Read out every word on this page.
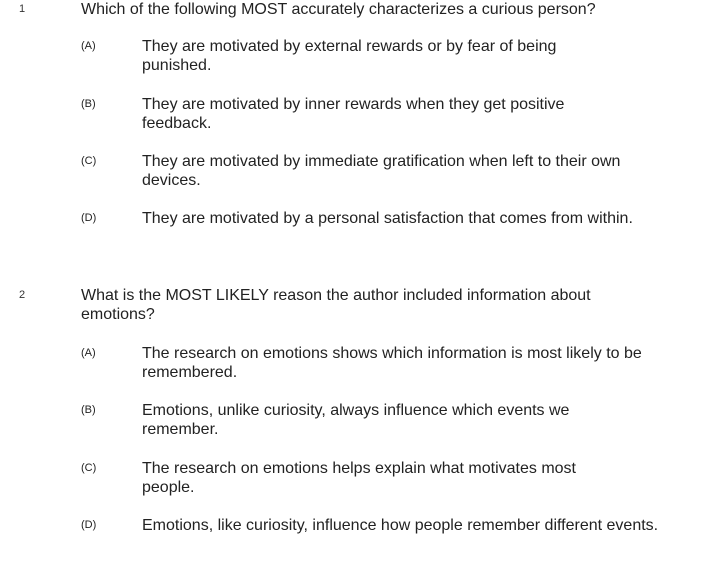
1	Which of the following MOST accurately characterizes a curious person?
(A)	They are motivated by external rewards or by fear of being punished.
(B)	They are motivated by inner rewards when they get positive feedback.
(C)	They are motivated by immediate gratification when left to their own devices.
(D)	They are motivated by a personal satisfaction that comes from within.
2	What is the MOST LIKELY reason the author included information about emotions?
(A)	The research on emotions shows which information is most likely to be remembered.
(B)	Emotions, unlike curiosity, always influence which events we remember.
(C)	The research on emotions helps explain what motivates most people.
(D)	Emotions, like curiosity, influence how people remember different events.
